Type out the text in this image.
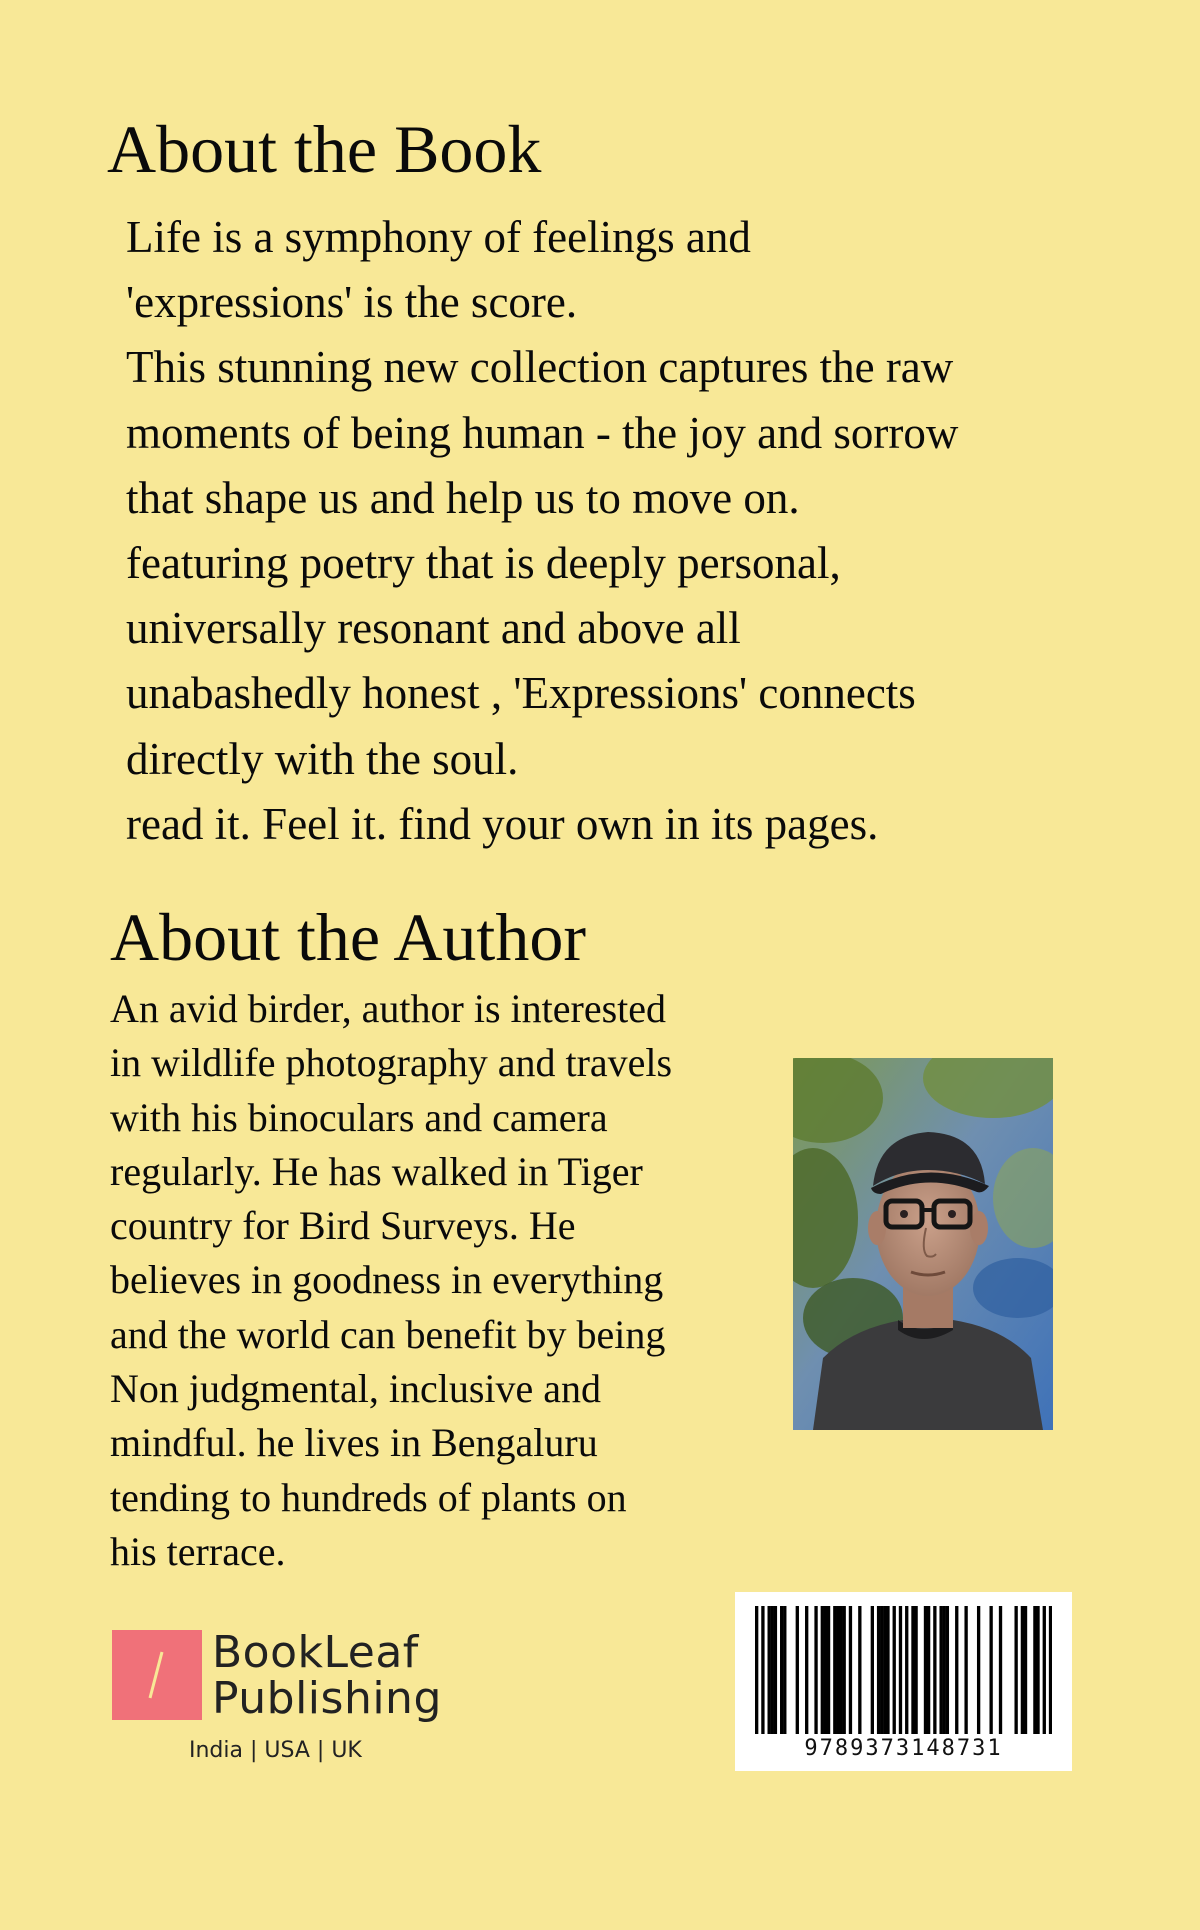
About the Book
Life is a symphony of feelings and
'expressions' is the score.
This stunning new collection captures the raw
moments of being human - the joy and sorrow
that shape us and help us to move on.
featuring poetry that is deeply personal,
universally resonant and above all
unabashedly honest , 'Expressions' connects
directly with the soul.
read it. Feel it. find your own in its pages.
About the Author
An avid birder, author is interested
in wildlife photography and travels
with his binoculars and camera
regularly. He has walked in Tiger
country for Bird Surveys. He
believes in goodness in everything
and the world can benefit by being
Non judgmental, inclusive and
mindful. he lives in Bengaluru
tending to hundreds of plants on
his terrace.
BookLeaf
Publishing
India | USA | UK	9789373148731
